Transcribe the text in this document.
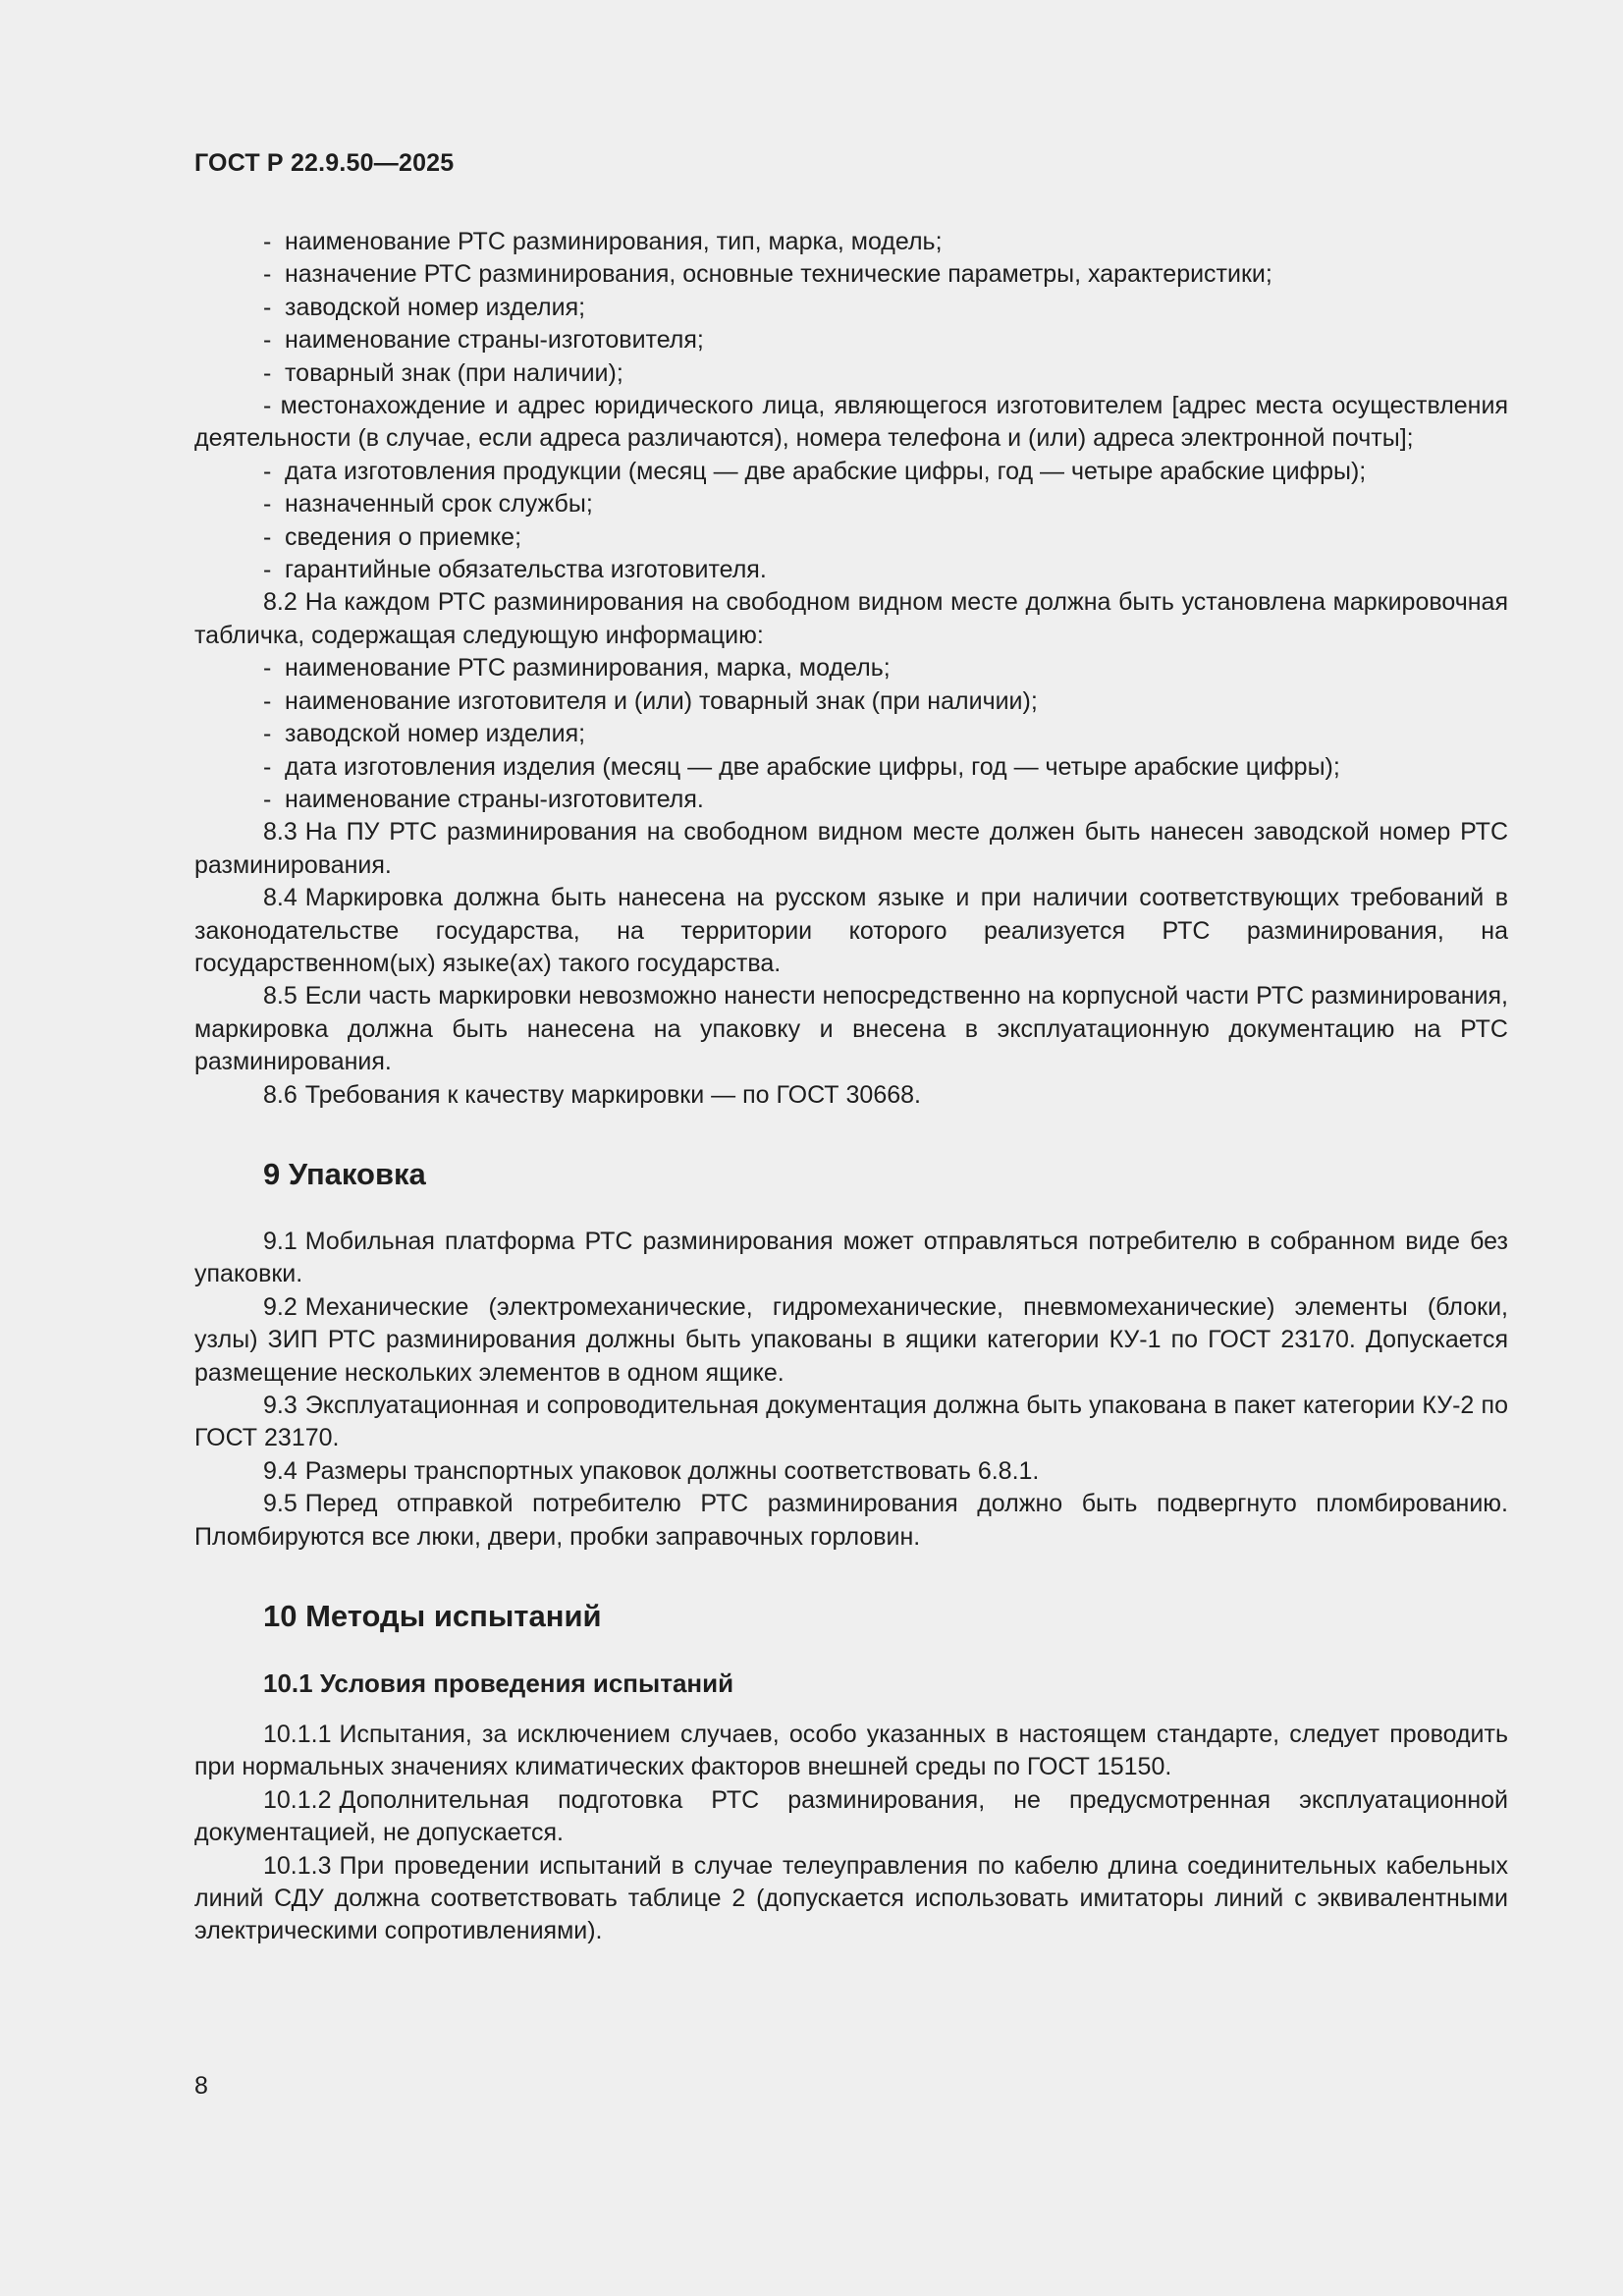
ГОСТ Р 22.9.50—2025
- наименование РТС разминирования, тип, марка, модель;
- назначение РТС разминирования, основные технические параметры, характеристики;
- заводской номер изделия;
- наименование страны-изготовителя;
- товарный знак (при наличии);
- местонахождение и адрес юридического лица, являющегося изготовителем [адрес места осуществления деятельности (в случае, если адреса различаются), номера телефона и (или) адреса электронной почты];
- дата изготовления продукции (месяц — две арабские цифры, год — четыре арабские цифры);
- назначенный срок службы;
- сведения о приемке;
- гарантийные обязательства изготовителя.
8.2 На каждом РТС разминирования на свободном видном месте должна быть установлена маркировочная табличка, содержащая следующую информацию:
- наименование РТС разминирования, марка, модель;
- наименование изготовителя и (или) товарный знак (при наличии);
- заводской номер изделия;
- дата изготовления изделия (месяц — две арабские цифры, год — четыре арабские цифры);
- наименование страны-изготовителя.
8.3 На ПУ РТС разминирования на свободном видном месте должен быть нанесен заводской номер РТС разминирования.
8.4 Маркировка должна быть нанесена на русском языке и при наличии соответствующих требований в законодательстве государства, на территории которого реализуется РТС разминирования, на государственном(ых) языке(ах) такого государства.
8.5 Если часть маркировки невозможно нанести непосредственно на корпусной части РТС разминирования, маркировка должна быть нанесена на упаковку и внесена в эксплуатационную документацию на РТС разминирования.
8.6 Требования к качеству маркировки — по ГОСТ 30668.
9 Упаковка
9.1 Мобильная платформа РТС разминирования может отправляться потребителю в собранном виде без упаковки.
9.2 Механические (электромеханические, гидромеханические, пневмомеханические) элементы (блоки, узлы) ЗИП РТС разминирования должны быть упакованы в ящики категории КУ-1 по ГОСТ 23170. Допускается размещение нескольких элементов в одном ящике.
9.3 Эксплуатационная и сопроводительная документация должна быть упакована в пакет категории КУ-2 по ГОСТ 23170.
9.4 Размеры транспортных упаковок должны соответствовать 6.8.1.
9.5 Перед отправкой потребителю РТС разминирования должно быть подвергнуто пломбированию. Пломбируются все люки, двери, пробки заправочных горловин.
10 Методы испытаний
10.1 Условия проведения испытаний
10.1.1 Испытания, за исключением случаев, особо указанных в настоящем стандарте, следует проводить при нормальных значениях климатических факторов внешней среды по ГОСТ 15150.
10.1.2 Дополнительная подготовка РТС разминирования, не предусмотренная эксплуатационной документацией, не допускается.
10.1.3 При проведении испытаний в случае телеуправления по кабелю длина соединительных кабельных линий СДУ должна соответствовать таблице 2 (допускается использовать имитаторы линий с эквивалентными электрическими сопротивлениями).
8
